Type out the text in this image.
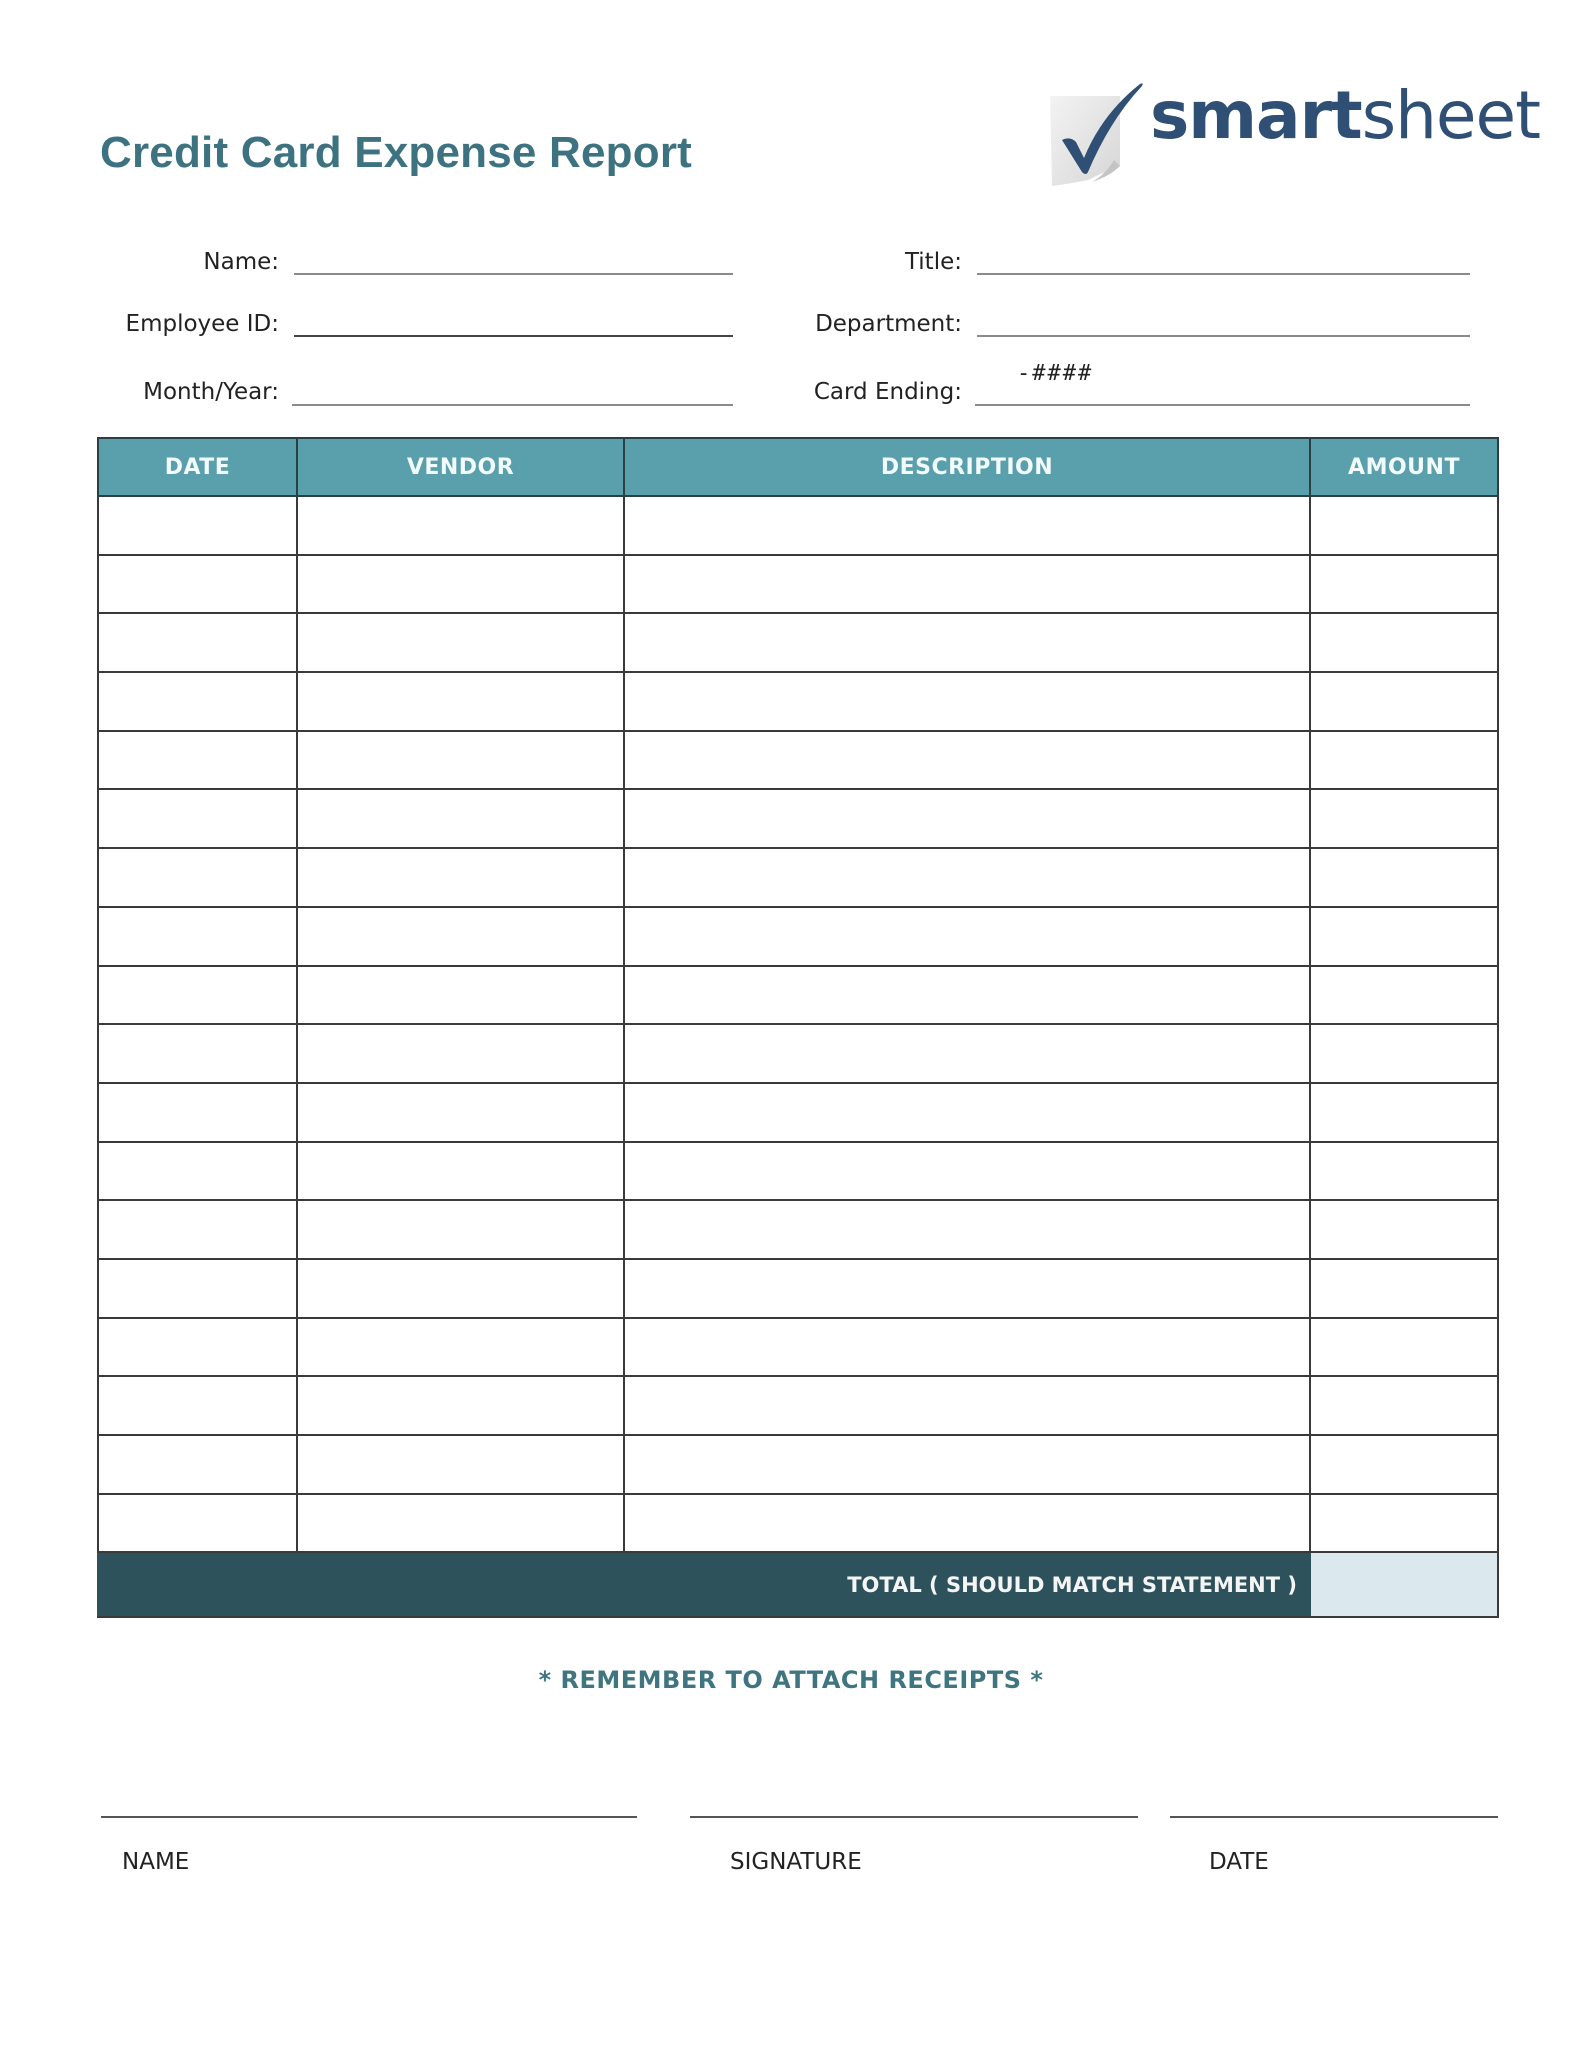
Credit Card Expense Report	smartsheet
Name:
Employee ID:
Month/Year:
Title:
Department:
Card Ending:
-####
DATE	VENDOR	DESCRIPTION	AMOUNT

TOTAL ( SHOULD MATCH STATEMENT )			
* REMEMBER TO ATTACH RECEIPTS *
NAME	SIGNATURE	DATE
